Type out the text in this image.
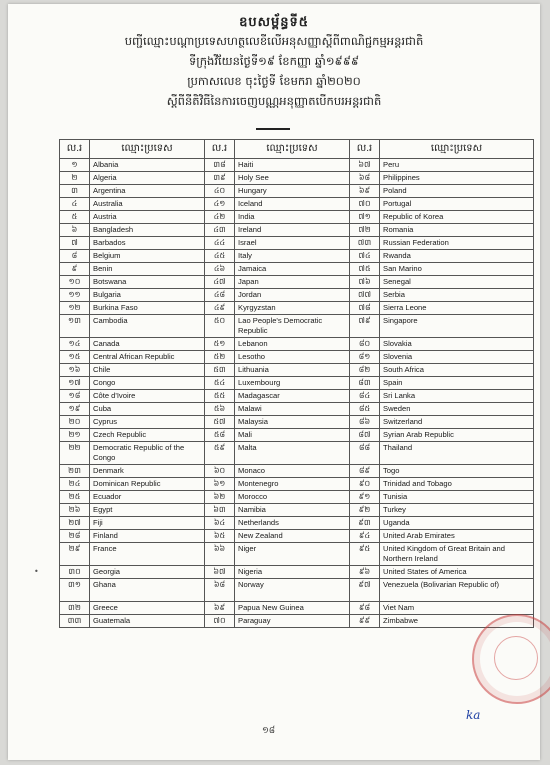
ឧបសម្ព័ន្ធទី៥
បញ្ជីឈ្មោះបណ្តាប្រទេសហត្ថលេខីលើអនុសញ្ញាស្តីពីពាណិជ្ជកម្មអន្តរជាតិ
ទីក្រុងវីយែនថ្ងៃទី១៩ ខែកញ្ញា ឆ្នាំ១៩៩៩
ប្រកាសលេខ ចុះថ្ងៃទី ខែមករា ឆ្នាំ២០២០
ស្តីពីនីតិវិធីនៃការចេញបណ្ណអនុញ្ញាតបើកបរអន្តរជាតិ
ល.រ	ឈ្មោះប្រទេស	ល.រ	ឈ្មោះប្រទេស	ល.រ	ឈ្មោះប្រទេស
១	Albania	៣៨	Haiti	៦៧	Peru
២	Algeria	៣៩	Holy See	៦៨	Philippines
៣	Argentina	៤០	Hungary	៦៩	Poland
៤	Australia	៤១	Iceland	៧០	Portugal
៥	Austria	៤២	India	៧១	Republic of Korea
៦	Bangladesh	៤៣	Ireland	៧២	Romania
៧	Barbados	៤៤	Israel	៧៣	Russian Federation
៨	Belgium	៤៥	Italy	៧៤	Rwanda
៩	Benin	៤៦	Jamaica	៧៥	San Marino
១០	Botswana	៤៧	Japan	៧៦	Senegal
១១	Bulgaria	៤៨	Jordan	៧៧	Serbia
១២	Burkina Faso	៤៩	Kyrgyzstan	៧៨	Sierra Leone
១៣	Cambodia	៥០	Lao People's Democratic Republic	៧៩	Singapore
១៤	Canada	៥១	Lebanon	៨០	Slovakia
១៥	Central African Republic	៥២	Lesotho	៨១	Slovenia
១៦	Chile	៥៣	Lithuania	៨២	South Africa
១៧	Congo	៥៤	Luxembourg	៨៣	Spain
១៨	Côte d'Ivoire	៥៥	Madagascar	៨៤	Sri Lanka
១៩	Cuba	៥៦	Malawi	៨៥	Sweden
២០	Cyprus	៥៧	Malaysia	៨៦	Switzerland
២១	Czech Republic	៥៨	Mali	៨៧	Syrian Arab Republic
២២	Democratic Republic of the Congo	៥៩	Malta	៨៨	Thailand
២៣	Denmark	៦០	Monaco	៨៩	Togo
២៤	Dominican Republic	៦១	Montenegro	៩០	Trinidad and Tobago
២៥	Ecuador	៦២	Morocco	៩១	Tunisia
២៦	Egypt	៦៣	Namibia	៩២	Turkey
២៧	Fiji	៦៤	Netherlands	៩៣	Uganda
២៨	Finland	៦៥	New Zealand	៩៤	United Arab Emirates
២៩	France	៦៦	Niger	៩៥	United Kingdom of Great Britain and Northern Ireland
៣០	Georgia	៦៧	Nigeria	៩៦	United States of America
៣១	Ghana	៦៨	Norway	៩៧	Venezuela (Bolivarian Republic of)
៣២	Greece	៦៩	Papua New Guinea	៩៨	Viet Nam
៣៣	Guatemala	៧០	Paraguay	៩៩	Zimbabwe
ka
១៨
•
